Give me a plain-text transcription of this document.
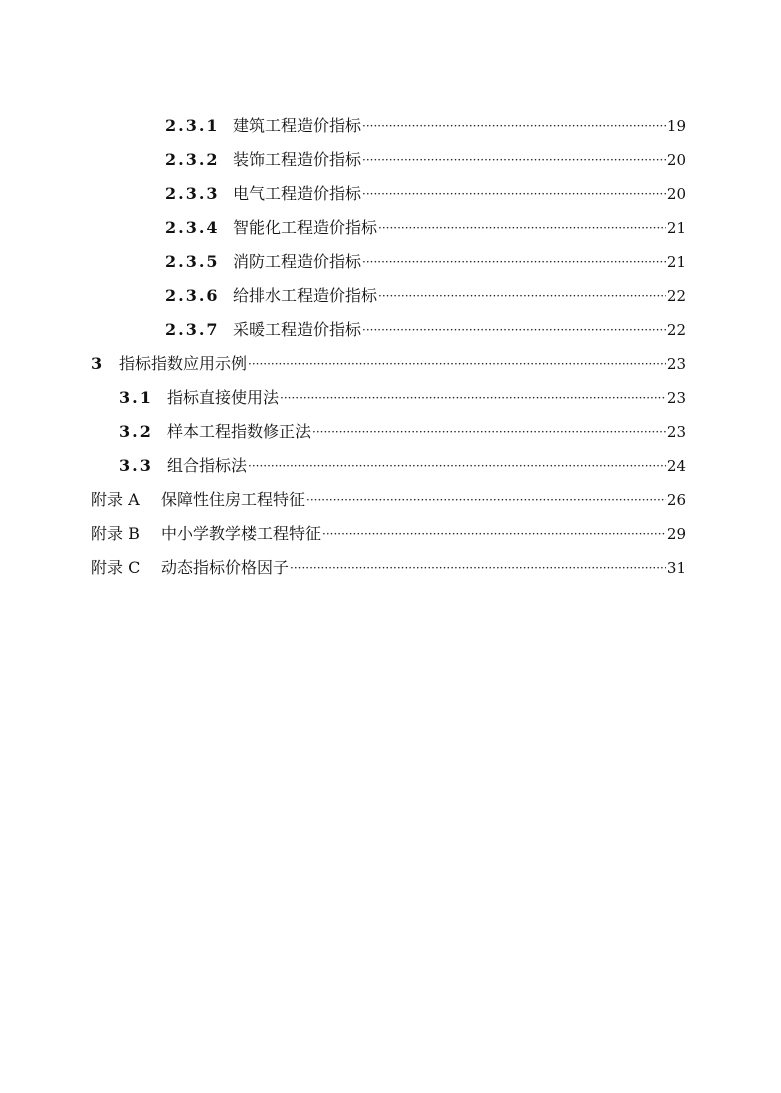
2.3.1 建筑工程造价指标 ·····	19
2.3.2 装饰工程造价指标 ·····	20
2.3.3 电气工程造价指标 ·····	20
2.3.4 智能化工程造价指标 ·····	21
2.3.5 消防工程造价指标 ·····	21
2.3.6 给排水工程造价指标 ·····	22
2.3.7 采暖工程造价指标 ·····	22
3 指标指数应用示例 ·····	23
3.1 指标直接使用法 ·····	23
3.2 样本工程指数修正法 ·····	23
3.3 组合指标法 ·····	24
附录 A	保障性住房工程特征 ·····	26
附录 B	中小学教学楼工程特征 ·····	29
附录 C	动态指标价格因子 ·····	31
